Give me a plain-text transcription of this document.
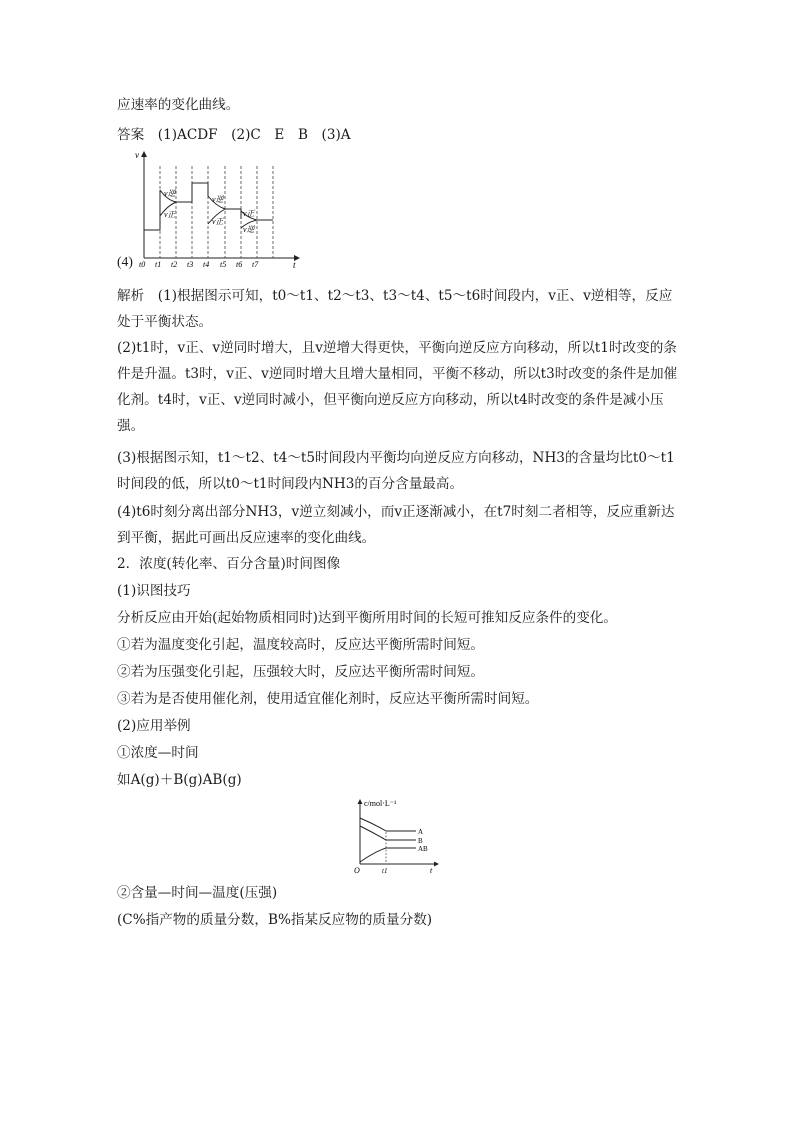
应速率的变化曲线。
答案　(1)ACDF　(2)C　E　B　(3)A
(4)
v
t
v逆
v正
v逆
v正
v正
v逆
t0 t1 t2 t3 t4 t5 t6 t7
解析　(1)根据图示可知，t0～t1、t2～t3、t3～t4、t5～t6时间段内，v正、v逆相等，反应处于平衡状态。
(2)t1时，v正、v逆同时增大，且v逆增大得更快，平衡向逆反应方向移动，所以t1时改变的条件是升温。t3时，v正、v逆同时增大且增大量相同，平衡不移动，所以t3时改变的条件是加催化剂。t4时，v正、v逆同时减小，但平衡向逆反应方向移动，所以t4时改变的条件是减小压强。
(3)根据图示知，t1～t2、t4～t5时间段内平衡均向逆反应方向移动，NH3的含量均比t0～t1时间段的低，所以t0～t1时间段内NH3的百分含量最高。
(4)t6时刻分离出部分NH3，v逆立刻减小，而v正逐渐减小，在t7时刻二者相等，反应重新达到平衡，据此可画出反应速率的变化曲线。
2．浓度(转化率、百分含量)时间图像
(1)识图技巧
分析反应由开始(起始物质相同时)达到平衡所用时间的长短可推知反应条件的变化。
①若为温度变化引起，温度较高时，反应达平衡所需时间短。
②若为压强变化引起，压强较大时，反应达平衡所需时间短。
③若为是否使用催化剂，使用适宜催化剂时，反应达平衡所需时间短。
(2)应用举例
①浓度—时间
如A(g)＋B(g)AB(g)
c/mol·L⁻¹
O	t1	t
A
B
AB
②含量—时间—温度(压强)
(C%指产物的质量分数，B%指某反应物的质量分数)
